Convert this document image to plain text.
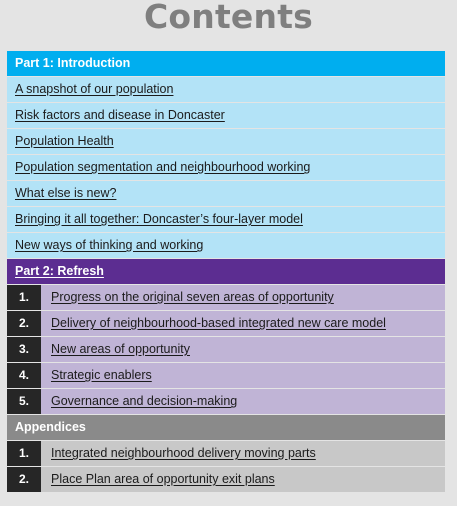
Contents
Part 1: Introduction
A snapshot of our population
Risk factors and disease in Doncaster
Population Health
Population segmentation and neighbourhood working
What else is new?
Bringing it all together: Doncaster’s four-layer model
New ways of thinking and working
Part 2: Refresh
1.	Progress on the original seven areas of opportunity
2.	Delivery of neighbourhood-based integrated new care model
3.	New areas of opportunity
4.	Strategic enablers
5.	Governance and decision-making
Appendices
1.	Integrated neighbourhood delivery moving parts
2.	Place Plan area of opportunity exit plans
